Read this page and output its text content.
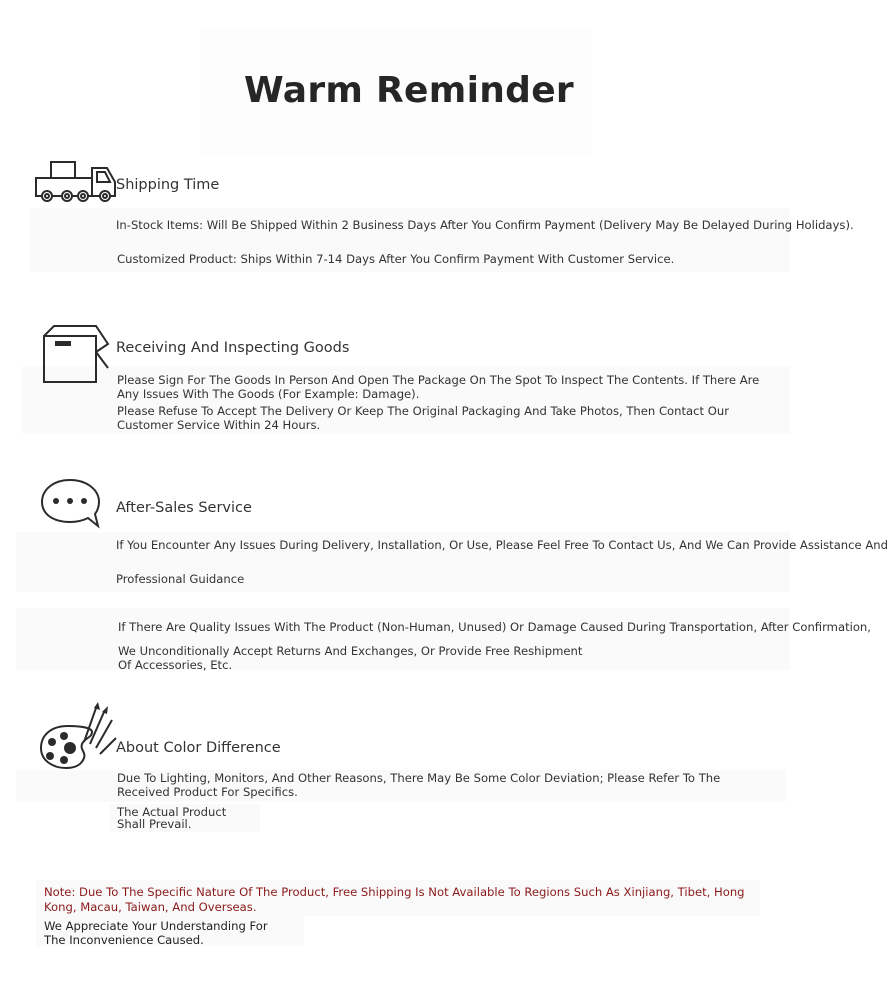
Warm Reminder
Shipping Time
In-Stock Items: Will Be Shipped Within 2 Business Days After You Confirm Payment (Delivery May Be Delayed During Holidays).
Customized Product: Ships Within 7-14 Days After You Confirm Payment With Customer Service.
Receiving And Inspecting Goods
Please Sign For The Goods In Person And Open The Package On The Spot To Inspect The Contents. If There Are Any Issues With The Goods (For Example: Damage).
Please Refuse To Accept The Delivery Or Keep The Original Packaging And Take Photos, Then Contact Our Customer Service Within 24 Hours.
After-Sales Service
If You Encounter Any Issues During Delivery, Installation, Or Use, Please Feel Free To Contact Us, And We Can Provide Assistance And
Professional Guidance
If There Are Quality Issues With The Product (Non-Human, Unused) Or Damage Caused During Transportation, After Confirmation,
We Unconditionally Accept Returns And Exchanges, Or Provide Free Reshipment Of Accessories, Etc.
About Color Difference
Due To Lighting, Monitors, And Other Reasons, There May Be Some Color Deviation; Please Refer To The Received Product For Specifics.
The Actual Product Shall Prevail.
Note: Due To The Specific Nature Of The Product, Free Shipping Is Not Available To Regions Such As Xinjiang, Tibet, Hong Kong, Macau, Taiwan, And Overseas.
We Appreciate Your Understanding For The Inconvenience Caused.
